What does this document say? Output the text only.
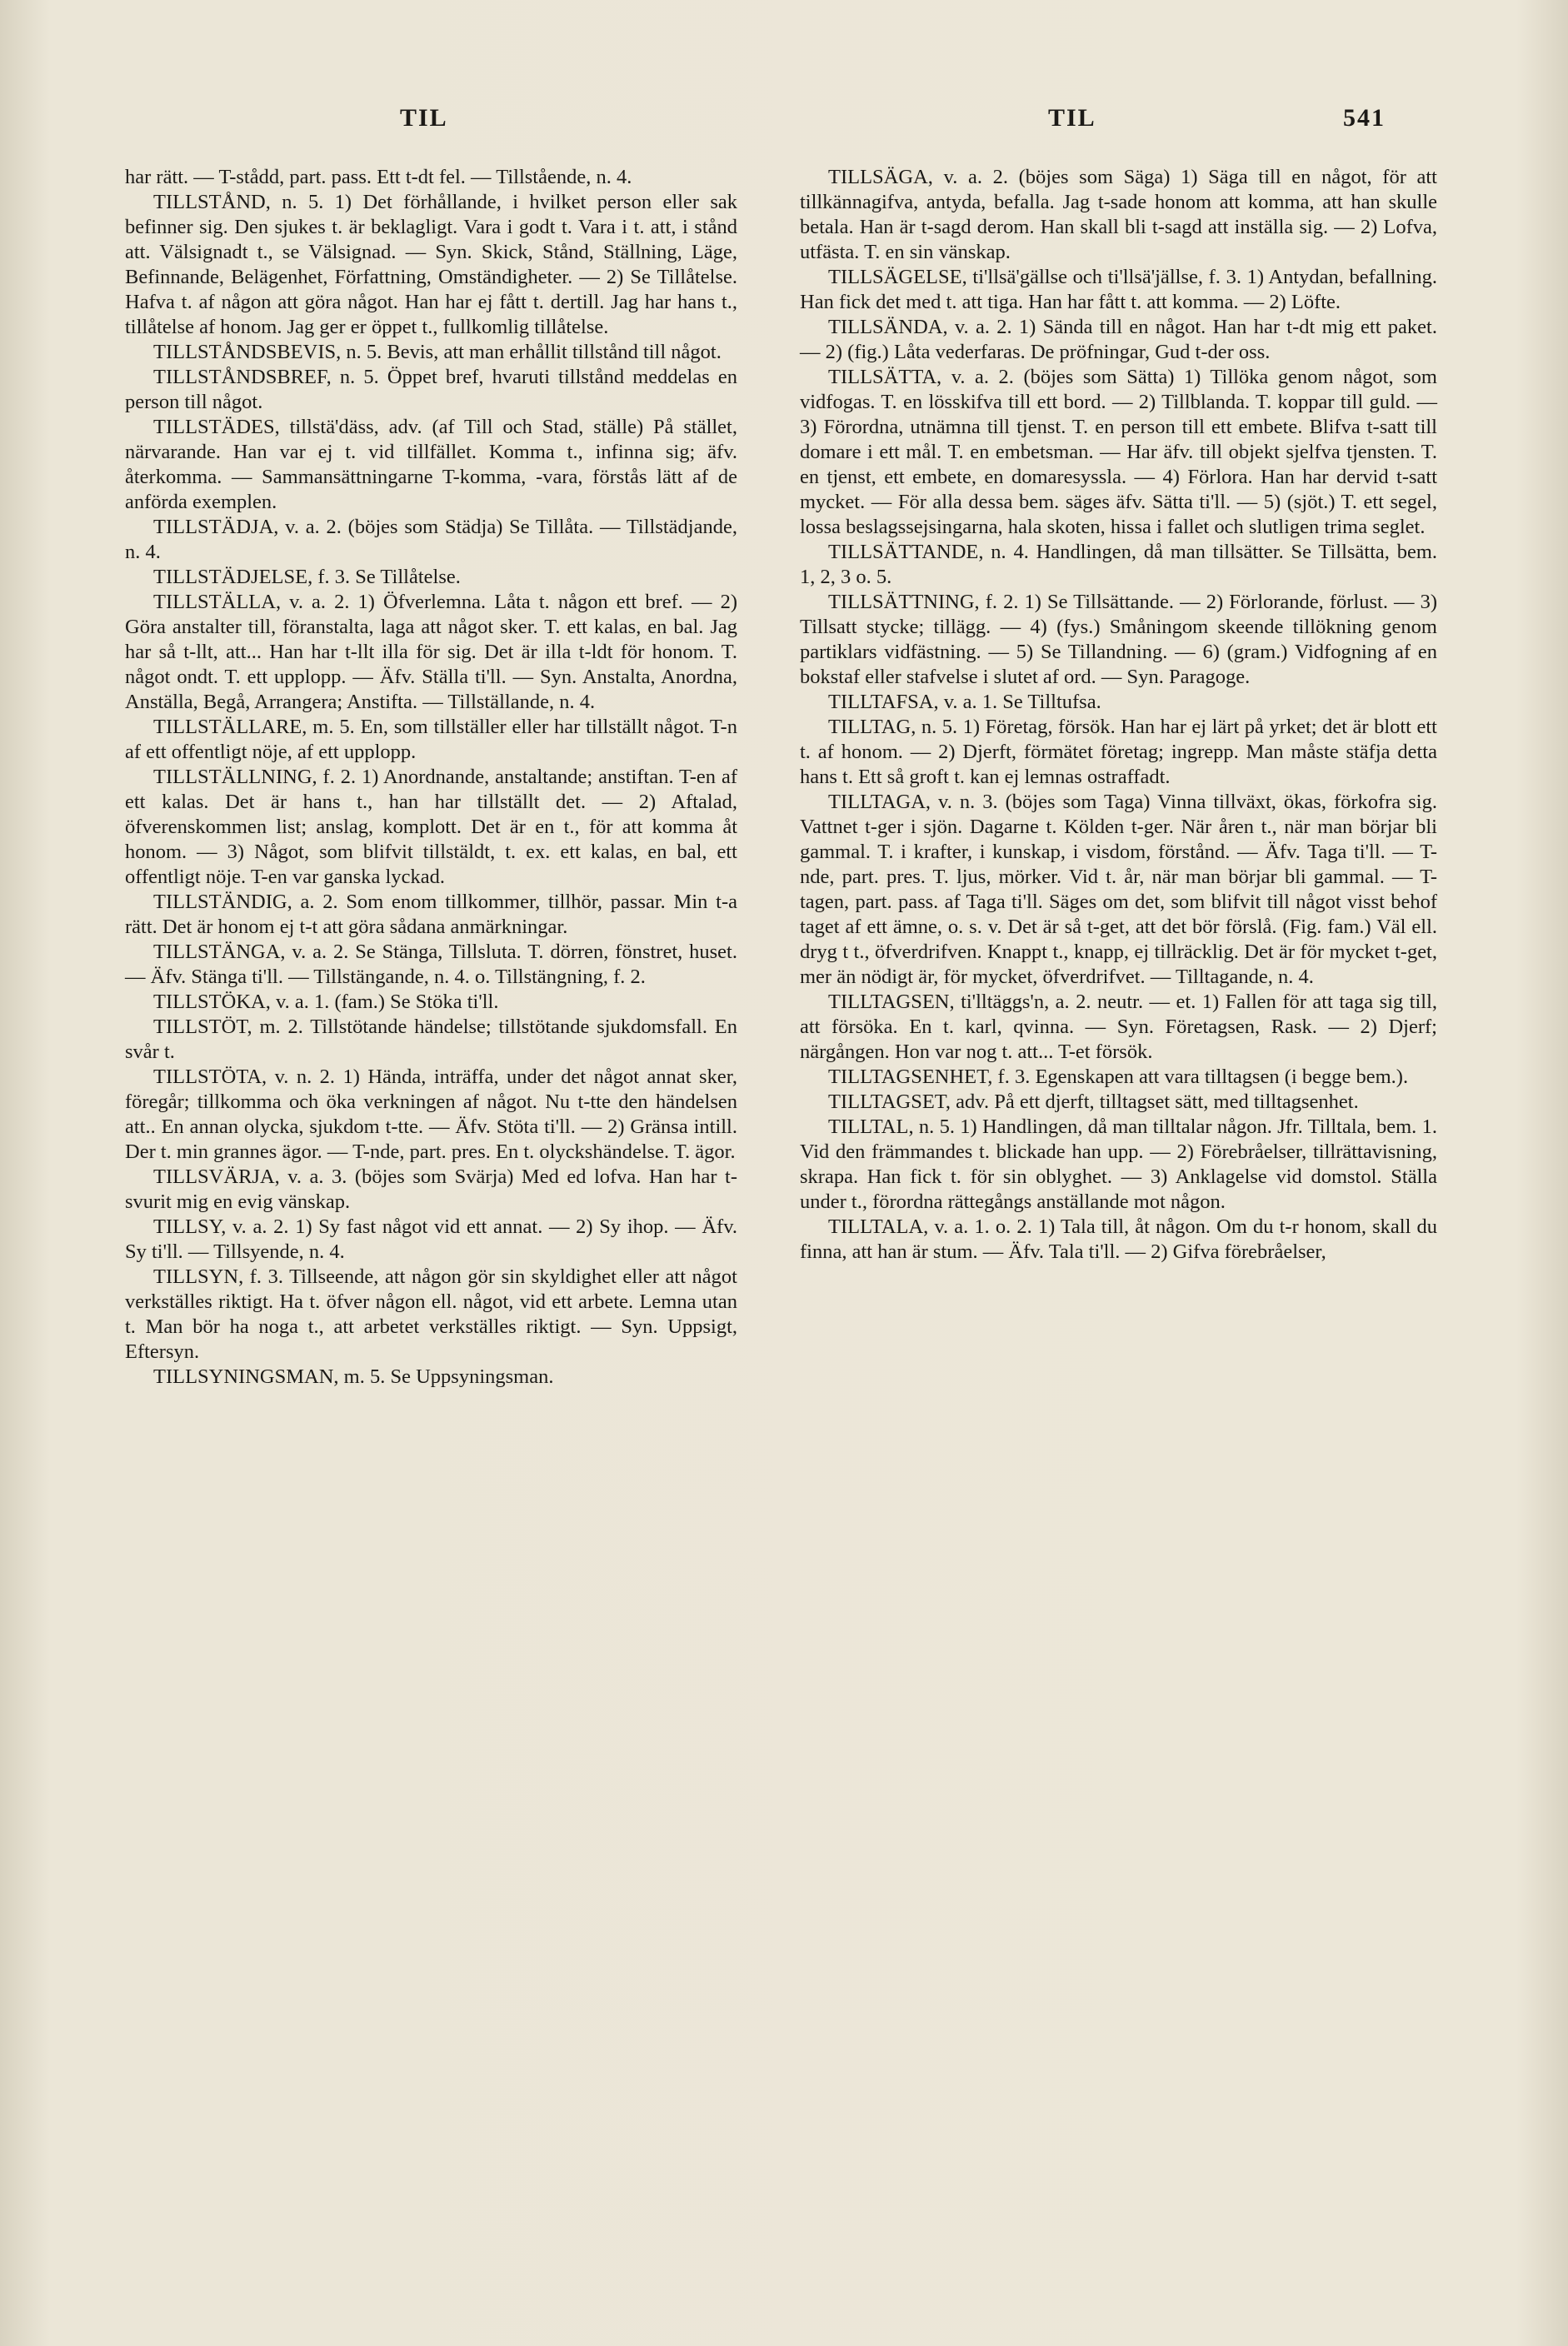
TIL	TIL	541

har rätt. — T-stådd, part. pass. Ett t-dt fel. — Tillstående, n. 4.

TILLSTÅND, n. 5. 1) Det förhållande, i hvilket person eller sak befinner sig. Den sjukes t. är beklagligt. Vara i godt t. Vara i t. att, i stånd att. Välsignadt t., se Välsignad. — Syn. Skick, Stånd, Ställning, Läge, Befinnande, Belägenhet, Författning, Omständigheter. — 2) Se Tillåtelse. Hafva t. af någon att göra något. Han har ej fått t. dertill. Jag har hans t., tillåtelse af honom. Jag ger er öppet t., fullkomlig tillåtelse.

TILLSTÅNDSBEVIS, n. 5. Bevis, att man erhållit tillstånd till något.

TILLSTÅNDSBREF, n. 5. Öppet bref, hvaruti tillstånd meddelas en person till något.

TILLSTÄDES, tillstä'däss, adv. (af Till och Stad, ställe) På stället, närvarande. Han var ej t. vid tillfället. Komma t., infinna sig; äfv. återkomma. — Sammansättningarne T-komma, -vara, förstås lätt af de anförda exemplen.

TILLSTÄDJA, v. a. 2. (böjes som Städja) Se Tillåta. — Tillstädjande, n. 4.

TILLSTÄDJELSE, f. 3. Se Tillåtelse.

TILLSTÄLLA, v. a. 2. 1) Öfverlemna. Låta t. någon ett bref. — 2) Göra anstalter till, föranstalta, laga att något sker. T. ett kalas, en bal. Jag har så t-llt, att... Han har t-llt illa för sig. Det är illa t-ldt för honom. T. något ondt. T. ett upplopp. — Äfv. Ställa ti'll. — Syn. Anstalta, Anordna, Anställa, Begå, Arrangera; Anstifta. — Tillställande, n. 4.

TILLSTÄLLARE, m. 5. En, som tillställer eller har tillställt något. T-n af ett offentligt nöje, af ett upplopp.

TILLSTÄLLNING, f. 2. 1) Anordnande, anstaltande; anstiftan. T-en af ett kalas. Det är hans t., han har tillställt det. — 2) Aftalad, öfverenskommen list; anslag, komplott. Det är en t., för att komma åt honom. — 3) Något, som blifvit tillstäldt, t. ex. ett kalas, en bal, ett offentligt nöje. T-en var ganska lyckad.

TILLSTÄNDIG, a. 2. Som enom tillkommer, tillhör, passar. Min t-a rätt. Det är honom ej t-t att göra sådana anmärkningar.

TILLSTÄNGA, v. a. 2. Se Stänga, Tillsluta. T. dörren, fönstret, huset. — Äfv. Stänga ti'll. — Tillstängande, n. 4. o. Tillstängning, f. 2.

TILLSTÖKA, v. a. 1. (fam.) Se Stöka ti'll.

TILLSTÖT, m. 2. Tillstötande händelse; tillstötande sjukdomsfall. En svår t.

TILLSTÖTA, v. n. 2. 1) Hända, inträffa, under det något annat sker, föregår; tillkomma och öka verkningen af något. Nu t-tte den händelsen att.. En annan olycka, sjukdom t-tte. — Äfv. Stöta ti'll. — 2) Gränsa intill. Der t. min grannes ägor. — T-nde, part. pres. En t. olyckshändelse. T. ägor.

TILLSVÄRJA, v. a. 3. (böjes som Svärja) Med ed lofva. Han har t-svurit mig en evig vänskap.

TILLSY, v. a. 2. 1) Sy fast något vid ett annat. — 2) Sy ihop. — Äfv. Sy ti'll. — Tillsyende, n. 4.

TILLSYN, f. 3. Tillseende, att någon gör sin skyldighet eller att något verkställes riktigt. Ha t. öfver någon ell. något, vid ett arbete. Lemna utan t. Man bör ha noga t., att arbetet verkställes riktigt. — Syn. Uppsigt, Eftersyn.

TILLSYNINGSMAN, m. 5. Se Uppsyningsman.

TILLSÄGA, v. a. 2. (böjes som Säga) 1) Säga till en något, för att tillkännagifva, antyda, befalla. Jag t-sade honom att komma, att han skulle betala. Han är t-sagd derom. Han skall bli t-sagd att inställa sig. — 2) Lofva, utfästa. T. en sin vänskap.

TILLSÄGELSE, ti'llsä'gällse och ti'llsä'jällse, f. 3. 1) Antydan, befallning. Han fick det med t. att tiga. Han har fått t. att komma. — 2) Löfte.

TILLSÄNDA, v. a. 2. 1) Sända till en något. Han har t-dt mig ett paket. — 2) (fig.) Låta vederfaras. De pröfningar, Gud t-der oss.

TILLSÄTTA, v. a. 2. (böjes som Sätta) 1) Tillöka genom något, som vidfogas. T. en lösskifva till ett bord. — 2) Tillblanda. T. koppar till guld. — 3) Förordna, utnämna till tjenst. T. en person till ett embete. Blifva t-satt till domare i ett mål. T. en embetsman. — Har äfv. till objekt sjelfva tjensten. T. en tjenst, ett embete, en domaresyssla. — 4) Förlora. Han har dervid t-satt mycket. — För alla dessa bem. säges äfv. Sätta ti'll. — 5) (sjöt.) T. ett segel, lossa beslagssejsingarna, hala skoten, hissa i fallet och slutligen trima seglet.

TILLSÄTTANDE, n. 4. Handlingen, då man tillsätter. Se Tillsätta, bem. 1, 2, 3 o. 5.

TILLSÄTTNING, f. 2. 1) Se Tillsättande. — 2) Förlorande, förlust. — 3) Tillsatt stycke; tillägg. — 4) (fys.) Småningom skeende tillökning genom partiklars vidfästning. — 5) Se Tillandning. — 6) (gram.) Vidfogning af en bokstaf eller stafvelse i slutet af ord. — Syn. Paragoge.

TILLTAFSA, v. a. 1. Se Tilltufsa.

TILLTAG, n. 5. 1) Företag, försök. Han har ej lärt på yrket; det är blott ett t. af honom. — 2) Djerft, förmätet företag; ingrepp. Man måste stäfja detta hans t. Ett så groft t. kan ej lemnas ostraffadt.

TILLTAGA, v. n. 3. (böjes som Taga) Vinna tillväxt, ökas, förkofra sig. Vattnet t-ger i sjön. Dagarne t. Kölden t-ger. När åren t., när man börjar bli gammal. T. i krafter, i kunskap, i visdom, förstånd. — Äfv. Taga ti'll. — T-nde, part. pres. T. ljus, mörker. Vid t. år, när man börjar bli gammal. — T-tagen, part. pass. af Taga ti'll. Säges om det, som blifvit till något visst behof taget af ett ämne, o. s. v. Det är så t-get, att det bör förslå. (Fig. fam.) Väl ell. dryg t t., öfverdrifven. Knappt t., knapp, ej tillräcklig. Det är för mycket t-get, mer än nödigt är, för mycket, öfverdrifvet. — Tilltagande, n. 4.

TILLTAGSEN, ti'lltäggs'n, a. 2. neutr. — et. 1) Fallen för att taga sig till, att försöka. En t. karl, qvinna. — Syn. Företagsen, Rask. — 2) Djerf; närgången. Hon var nog t. att... T-et försök.

TILLTAGSENHET, f. 3. Egenskapen att vara tilltagsen (i begge bem.).

TILLTAGSET, adv. På ett djerft, tilltagset sätt, med tilltagsenhet.

TILLTAL, n. 5. 1) Handlingen, då man tilltalar någon. Jfr. Tilltala, bem. 1. Vid den främmandes t. blickade han upp. — 2) Förebråelser, tillrättavisning, skrapa. Han fick t. för sin oblyghet. — 3) Anklagelse vid domstol. Ställa under t., förordna rättegångs anställande mot någon.

TILLTALA, v. a. 1. o. 2. 1) Tala till, åt någon. Om du t-r honom, skall du finna, att han är stum. — Äfv. Tala ti'll. — 2) Gifva förebråelser,
